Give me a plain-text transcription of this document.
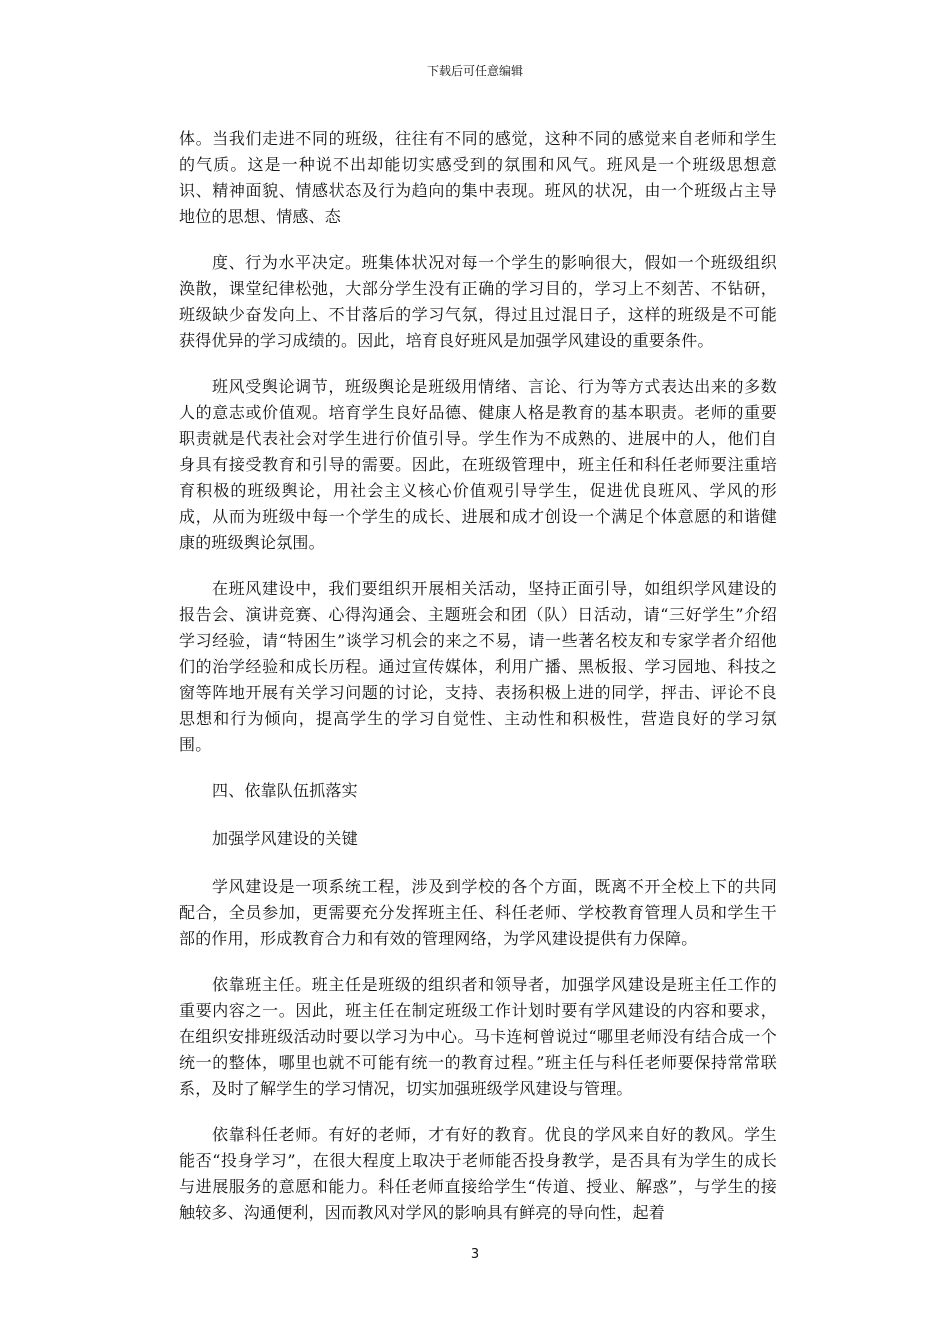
下载后可任意编辑

体。当我们走进不同的班级，往往有不同的感觉，这种不同的感觉来自老师和学生的气质。这是一种说不出却能切实感受到的氛围和风气。班风是一个班级思想意识、精神面貌、情感状态及行为趋向的集中表现。班风的状况，由一个班级占主导地位的思想、情感、态

度、行为水平决定。班集体状况对每一个学生的影响很大，假如一个班级组织涣散，课堂纪律松弛，大部分学生没有正确的学习目的，学习上不刻苦、不钻研，班级缺少奋发向上、不甘落后的学习气氛，得过且过混日子，这样的班级是不可能获得优异的学习成绩的。因此，培育良好班风是加强学风建设的重要条件。

班风受舆论调节，班级舆论是班级用情绪、言论、行为等方式表达出来的多数人的意志或价值观。培育学生良好品德、健康人格是教育的基本职责。老师的重要职责就是代表社会对学生进行价值引导。学生作为不成熟的、进展中的人，他们自身具有接受教育和引导的需要。因此，在班级管理中，班主任和科任老师要注重培育积极的班级舆论，用社会主义核心价值观引导学生，促进优良班风、学风的形成，从而为班级中每一个学生的成长、进展和成才创设一个满足个体意愿的和谐健康的班级舆论氛围。

在班风建设中，我们要组织开展相关活动，坚持正面引导，如组织学风建设的报告会、演讲竞赛、心得沟通会、主题班会和团（队）日活动，请“三好学生”介绍学习经验，请“特困生”谈学习机会的来之不易，请一些著名校友和专家学者介绍他们的治学经验和成长历程。通过宣传媒体，利用广播、黑板报、学习园地、科技之窗等阵地开展有关学习问题的讨论，支持、表扬积极上进的同学，抨击、评论不良思想和行为倾向，提高学生的学习自觉性、主动性和积极性，营造良好的学习氛围。

四、依靠队伍抓落实

加强学风建设的关键

学风建设是一项系统工程，涉及到学校的各个方面，既离不开全校上下的共同配合，全员参加，更需要充分发挥班主任、科任老师、学校教育管理人员和学生干部的作用，形成教育合力和有效的管理网络，为学风建设提供有力保障。

依靠班主任。班主任是班级的组织者和领导者，加强学风建设是班主任工作的重要内容之一。因此，班主任在制定班级工作计划时要有学风建设的内容和要求，在组织安排班级活动时要以学习为中心。马卡连柯曾说过“哪里老师没有结合成一个统一的整体，哪里也就不可能有统一的教育过程。”班主任与科任老师要保持常常联系，及时了解学生的学习情况，切实加强班级学风建设与管理。

依靠科任老师。有好的老师，才有好的教育。优良的学风来自好的教风。学生能否“投身学习”，在很大程度上取决于老师能否投身教学，是否具有为学生的成长与进展服务的意愿和能力。科任老师直接给学生“传道、授业、解惑”，与学生的接触较多、沟通便利，因而教风对学风的影响具有鲜亮的导向性，起着

3
